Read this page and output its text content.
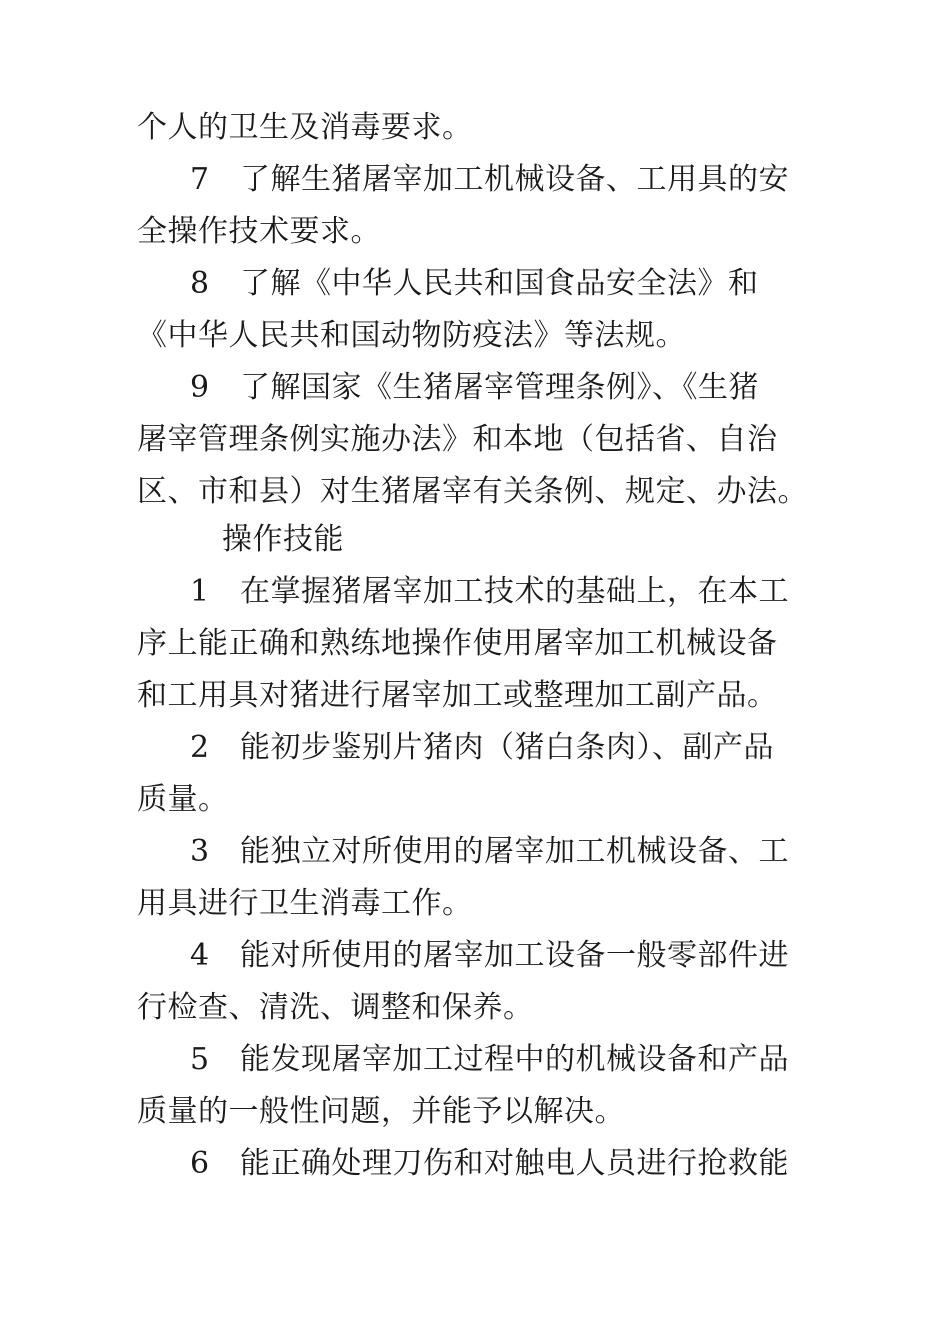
个人的卫生及消毒要求。
7 了解生猪屠宰加工机械设备、工用具的安
全操作技术要求。
8 了解《中华人民共和国食品安全法》和
《中华人民共和国动物防疫法》等法规。
9 了解国家《生猪屠宰管理条例》、《生猪
屠宰管理条例实施办法》和本地（包括省、自治
区、市和县）对生猪屠宰有关条例、规定、办法。
操作技能
1 在掌握猪屠宰加工技术的基础上，在本工
序上能正确和熟练地操作使用屠宰加工机械设备
和工用具对猪进行屠宰加工或整理加工副产品。
2 能初步鉴别片猪肉（猪白条肉）、副产品
质量。
3 能独立对所使用的屠宰加工机械设备、工
用具进行卫生消毒工作。
4 能对所使用的屠宰加工设备一般零部件进
行检查、清洗、调整和保养。
5 能发现屠宰加工过程中的机械设备和产品
质量的一般性问题，并能予以解决。
6 能正确处理刀伤和对触电人员进行抢救能
